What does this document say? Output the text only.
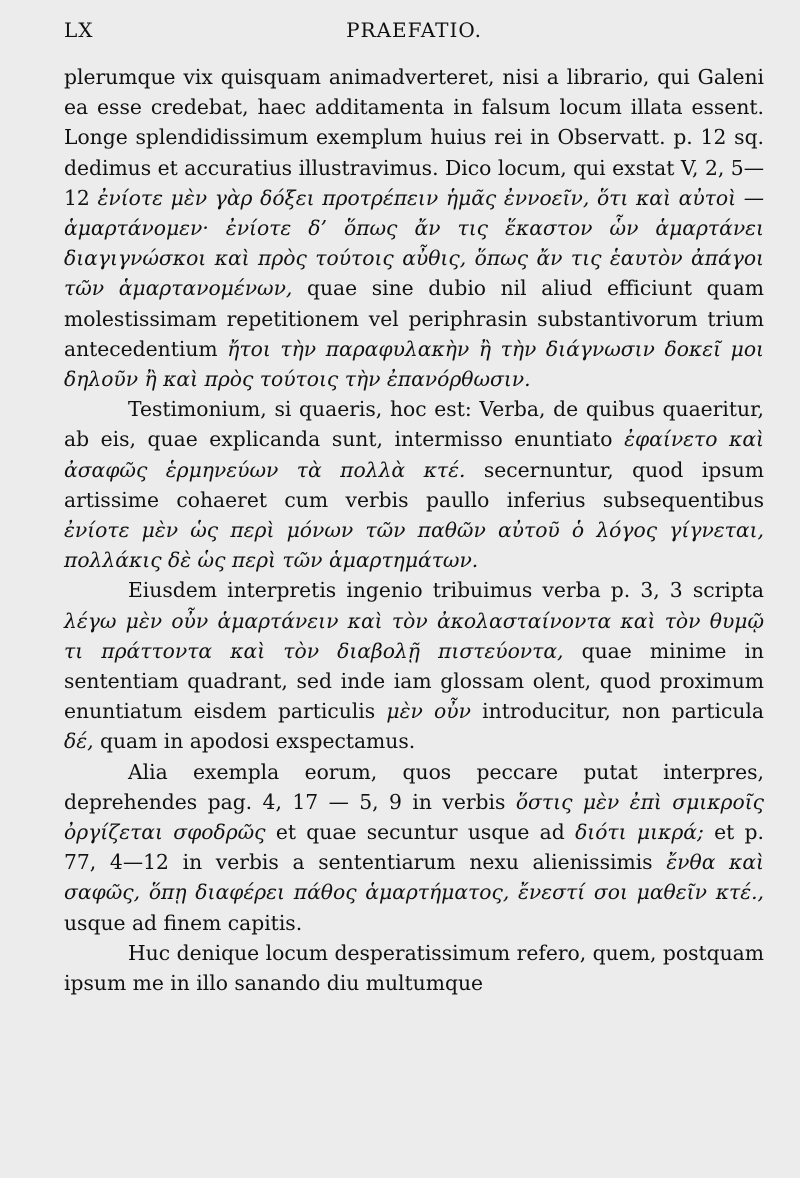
LX	PRAEFATIO.

plerumque vix quisquam animadverteret, nisi a librario, qui Galeni ea esse credebat, haec additamenta in falsum locum illata essent. Longe splendidissimum exemplum huius rei in Observatt. p. 12 sq. dedimus et accuratius illustravimus. Dico locum, qui exstat V, 2, 5—12 ἐνίοτε μὲν γὰρ δόξει προτρέπειν ἡμᾶς ἐννοεῖν, ὅτι καὶ αὐτοὶ — ἁμαρτάνομεν· ἐνίοτε δ’ ὅπως ἄν τις ἕκαστον ὧν ἁμαρτάνει διαγιγνώσκοι καὶ πρὸς τούτοις αὖθις, ὅπως ἄν τις ἑαυτὸν ἀπάγοι τῶν ἁμαρτανομένων, quae sine dubio nil aliud efficiunt quam molestissimam repetitionem vel periphrasin substantivorum trium antecedentium ἤτοι τὴν παραφυλακὴν ἢ τὴν διάγνωσιν δοκεῖ μοι δηλοῦν ἢ καὶ πρὸς τούτοις τὴν ἐπανόρθωσιν.

Testimonium, si quaeris, hoc est: Verba, de quibus quaeritur, ab eis, quae explicanda sunt, intermisso enuntiato ἐφαίνετο καὶ ἀσαφῶς ἑρμηνεύων τὰ πολλὰ κτέ. secernuntur, quod ipsum artissime cohaeret cum verbis paullo inferius subsequentibus ἐνίοτε μὲν ὡς περὶ μόνων τῶν παθῶν αὐτοῦ ὁ λόγος γίγνεται, πολλάκις δὲ ὡς περὶ τῶν ἁμαρτημάτων.

Eiusdem interpretis ingenio tribuimus verba p. 3, 3 scripta λέγω μὲν οὖν ἁμαρτάνειν καὶ τὸν ἀκολασταίνοντα καὶ τὸν θυμῷ τι πράττοντα καὶ τὸν διαβολῇ πιστεύοντα, quae minime in sententiam quadrant, sed inde iam glossam olent, quod proximum enuntiatum eisdem particulis μὲν οὖν introducitur, non particula δέ, quam in apodosi exspectamus.

Alia exempla eorum, quos peccare putat interpres, deprehendes pag. 4, 17 — 5, 9 in verbis ὅστις μὲν ἐπὶ σμικροῖς ὀργίζεται σφοδρῶς et quae secuntur usque ad διότι μικρά; et p. 77, 4—12 in verbis a sententiarum nexu alienissimis ἔνθα καὶ σαφῶς, ὅπῃ διαφέρει πάθος ἁμαρτήματος, ἔνεστί σοι μαθεῖν κτέ., usque ad finem capitis.

Huc denique locum desperatissimum refero, quem, postquam ipsum me in illo sanando diu multumque
